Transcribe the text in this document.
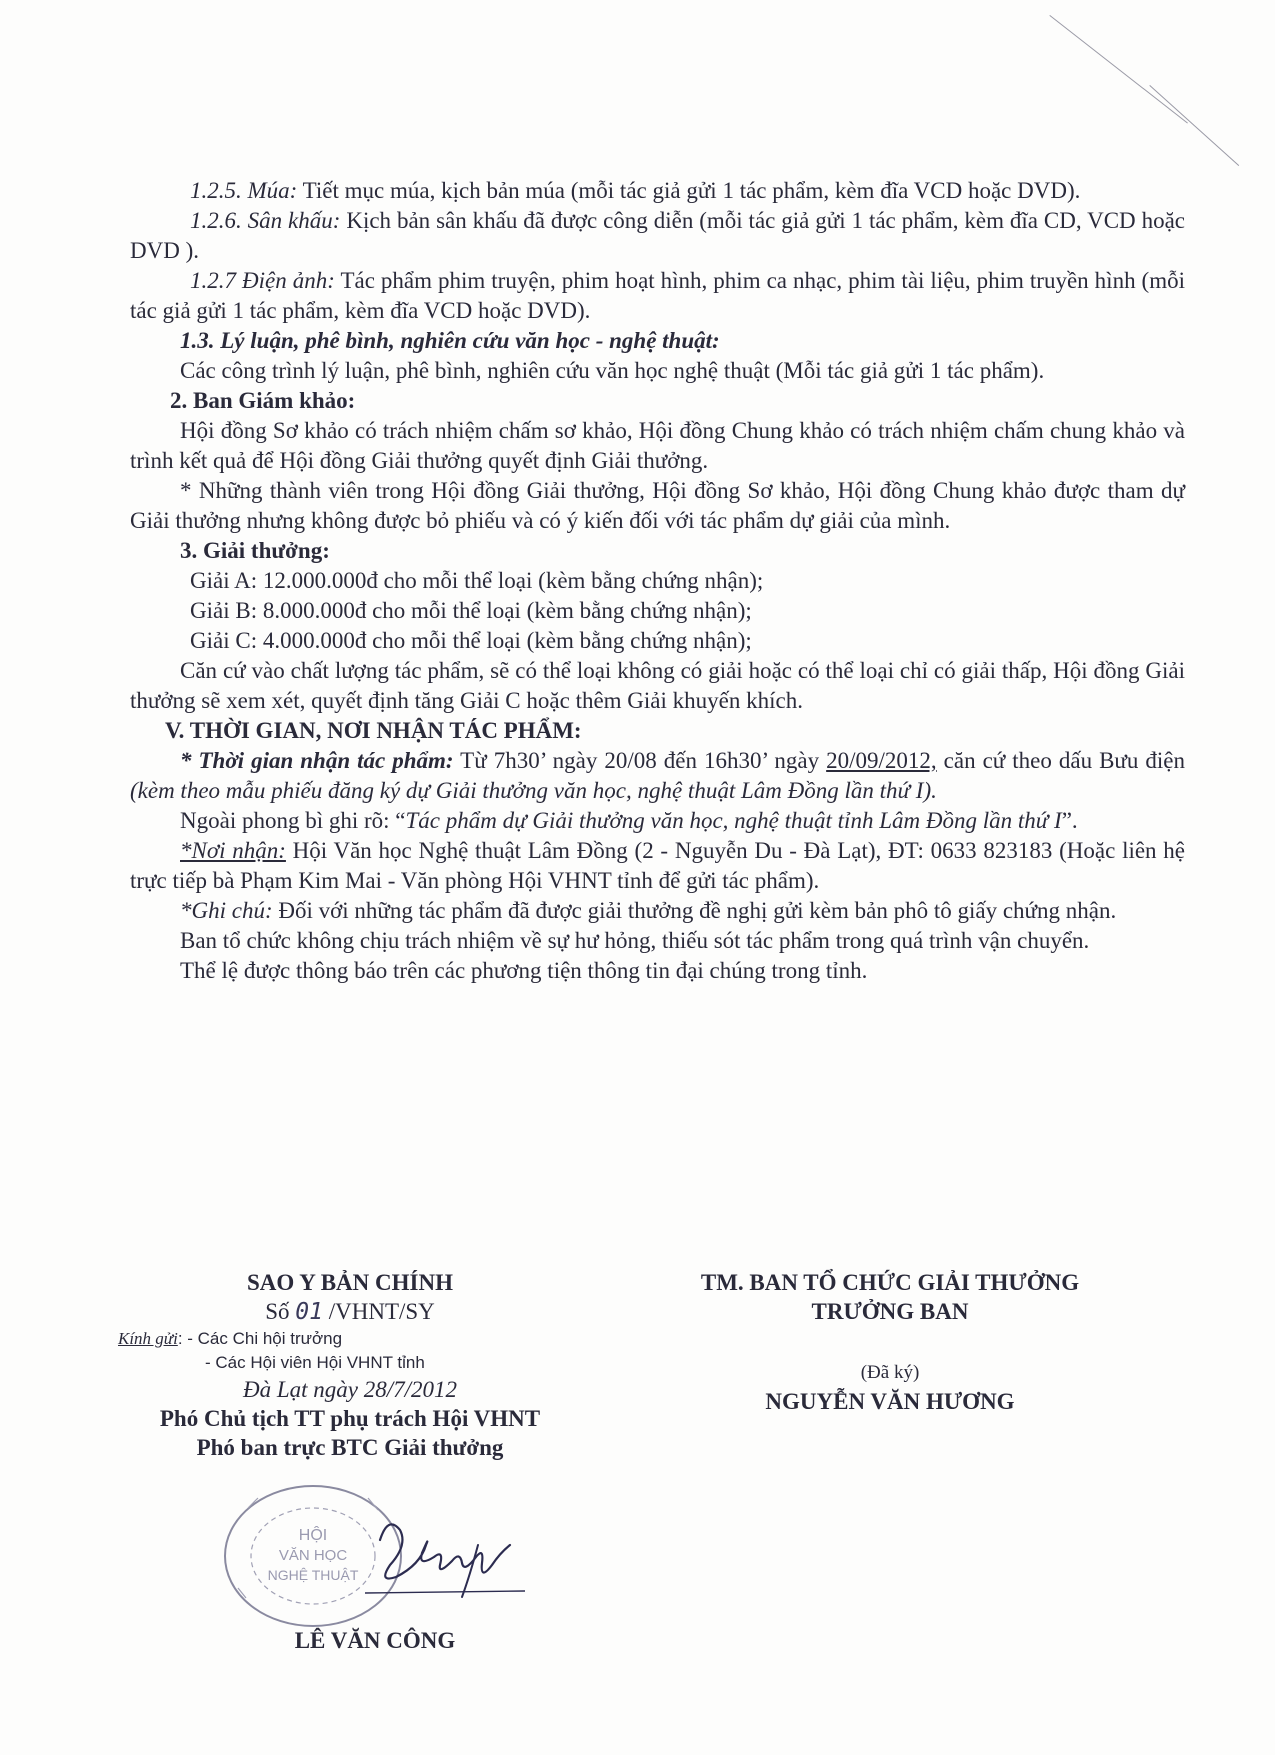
1.2.5. Múa: Tiết mục múa, kịch bản múa (mỗi tác giả gửi 1 tác phẩm, kèm đĩa VCD hoặc DVD).

1.2.6. Sân khấu: Kịch bản sân khấu đã được công diễn (mỗi tác giả gửi 1 tác phẩm, kèm đĩa CD, VCD hoặc DVD ).

1.2.7 Điện ảnh: Tác phẩm phim truyện, phim hoạt hình, phim ca nhạc, phim tài liệu, phim truyền hình (mỗi tác giả gửi 1 tác phẩm, kèm đĩa VCD hoặc DVD).

1.3. Lý luận, phê bình, nghiên cứu văn học - nghệ thuật:

Các công trình lý luận, phê bình, nghiên cứu văn học nghệ thuật (Mỗi tác giả gửi 1 tác phẩm).

2. Ban Giám khảo:

Hội đồng Sơ khảo có trách nhiệm chấm sơ khảo, Hội đồng Chung khảo có trách nhiệm chấm chung khảo và trình kết quả để Hội đồng Giải thưởng quyết định Giải thưởng.

* Những thành viên trong Hội đồng Giải thưởng, Hội đồng Sơ khảo, Hội đồng Chung khảo được tham dự Giải thưởng nhưng không được bỏ phiếu và có ý kiến đối với tác phẩm dự giải của mình.

3. Giải thưởng:

Giải A: 12.000.000đ cho mỗi thể loại (kèm bằng chứng nhận);

Giải B: 8.000.000đ cho mỗi thể loại (kèm bằng chứng nhận);

Giải C: 4.000.000đ cho mỗi thể loại (kèm bằng chứng nhận);

Căn cứ vào chất lượng tác phẩm, sẽ có thể loại không có giải hoặc có thể loại chỉ có giải thấp, Hội đồng Giải thưởng sẽ xem xét, quyết định tăng Giải C hoặc thêm Giải khuyến khích.

V. THỜI GIAN, NƠI NHẬN TÁC PHẨM:

* Thời gian nhận tác phẩm: Từ 7h30’ ngày 20/08 đến 16h30’ ngày 20/09/2012, căn cứ theo dấu Bưu điện (kèm theo mẫu phiếu đăng ký dự Giải thưởng văn học, nghệ thuật Lâm Đồng lần thứ I).

Ngoài phong bì ghi rõ: “Tác phẩm dự Giải thưởng văn học, nghệ thuật tỉnh Lâm Đồng lần thứ I”.

*Nơi nhận: Hội Văn học Nghệ thuật Lâm Đồng (2 - Nguyễn Du - Đà Lạt), ĐT: 0633 823183 (Hoặc liên hệ trực tiếp bà Phạm Kim Mai - Văn phòng Hội VHNT tỉnh để gửi tác phẩm).

*Ghi chú: Đối với những tác phẩm đã được giải thưởng đề nghị gửi kèm bản phô tô giấy chứng nhận.

Ban tổ chức không chịu trách nhiệm về sự hư hỏng, thiếu sót tác phẩm trong quá trình vận chuyển.

Thể lệ được thông báo trên các phương tiện thông tin đại chúng trong tỉnh.

SAO Y BẢN CHÍNH
Số 01 /VHNT/SY
Kính gửi: - Các Chi hội trưởng
- Các Hội viên Hội VHNT tỉnh
Đà Lạt ngày 28/7/2012
Phó Chủ tịch TT phụ trách Hội VHNT
Phó ban trực BTC Giải thưởng
HỘI
VĂN HỌC
NGHỆ THUẬT
LÊ VĂN CÔNG
TM. BAN TỔ CHỨC GIẢI THƯỞNG
TRƯỞNG BAN
(Đã ký)
NGUYỄN VĂN HƯƠNG
